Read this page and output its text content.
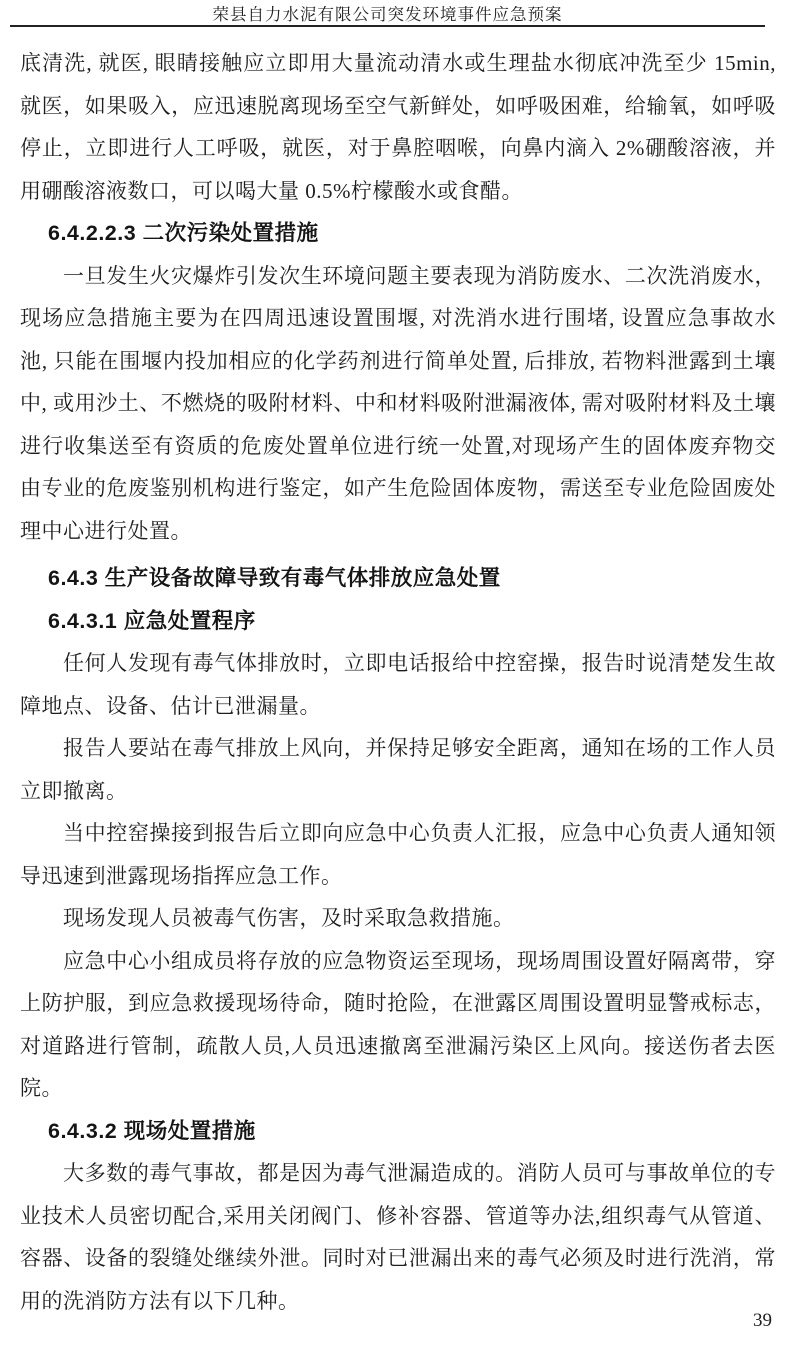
荣县自力水泥有限公司突发环境事件应急预案

底清洗, 就医, 眼睛接触应立即用大量流动清水或生理盐水彻底冲洗至少 15min, 就医，如果吸入，应迅速脱离现场至空气新鲜处，如呼吸困难，给输氧，如呼吸停止，立即进行人工呼吸，就医，对于鼻腔咽喉，向鼻内滴入 2%硼酸溶液，并用硼酸溶液数口，可以喝大量 0.5%柠檬酸水或食醋。

6.4.2.2.3 二次污染处置措施

一旦发生火灾爆炸引发次生环境问题主要表现为消防废水、二次洗消废水，现场应急措施主要为在四周迅速设置围堰, 对洗消水进行围堵, 设置应急事故水池, 只能在围堰内投加相应的化学药剂进行简单处置, 后排放, 若物料泄露到土壤中, 或用沙土、不燃烧的吸附材料、中和材料吸附泄漏液体, 需对吸附材料及土壤进行收集送至有资质的危废处置单位进行统一处置,对现场产生的固体废弃物交由专业的危废鉴别机构进行鉴定，如产生危险固体废物，需送至专业危险固废处理中心进行处置。

6.4.3 生产设备故障导致有毒气体排放应急处置
6.4.3.1 应急处置程序

任何人发现有毒气体排放时，立即电话报给中控窑操，报告时说清楚发生故障地点、设备、估计已泄漏量。

报告人要站在毒气排放上风向，并保持足够安全距离，通知在场的工作人员立即撤离。

当中控窑操接到报告后立即向应急中心负责人汇报，应急中心负责人通知领导迅速到泄露现场指挥应急工作。

现场发现人员被毒气伤害，及时采取急救措施。

应急中心小组成员将存放的应急物资运至现场，现场周围设置好隔离带，穿上防护服，到应急救援现场待命，随时抢险，在泄露区周围设置明显警戒标志，对道路进行管制，疏散人员,人员迅速撤离至泄漏污染区上风向。接送伤者去医院。

6.4.3.2 现场处置措施

大多数的毒气事故，都是因为毒气泄漏造成的。消防人员可与事故单位的专业技术人员密切配合,采用关闭阀门、修补容器、管道等办法,组织毒气从管道、容器、设备的裂缝处继续外泄。同时对已泄漏出来的毒气必须及时进行洗消，常用的洗消防方法有以下几种。

39
